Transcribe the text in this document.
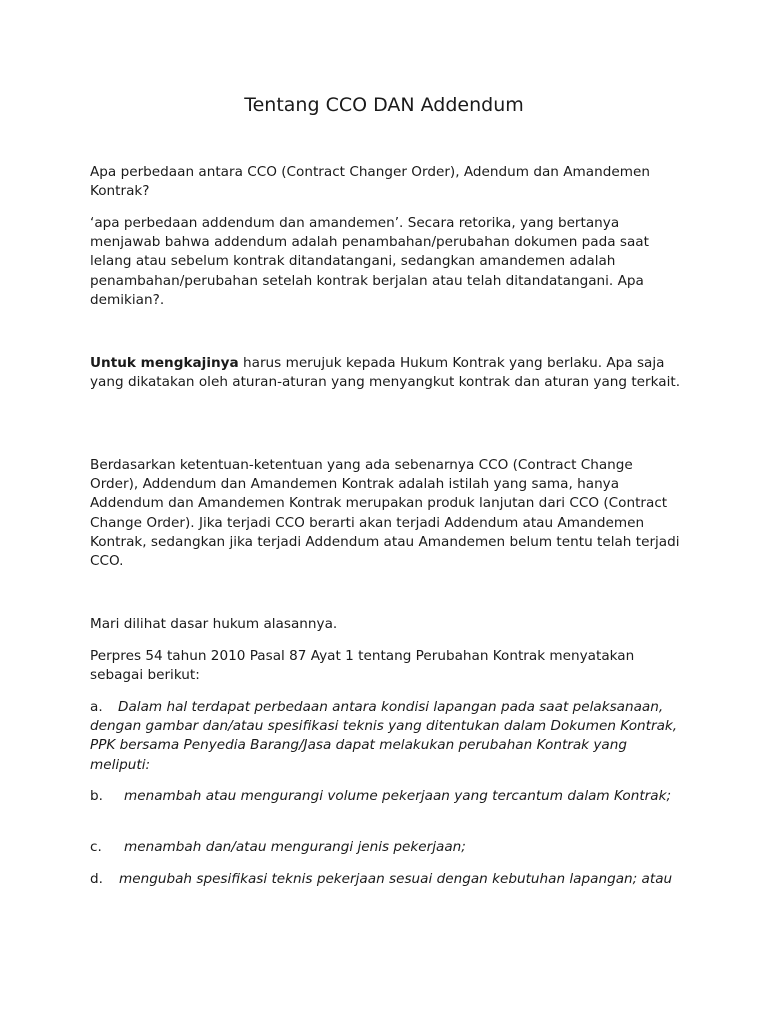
Tentang CCO DAN Addendum

Apa perbedaan antara CCO (Contract Changer Order), Adendum dan Amandemen Kontrak?

‘apa perbedaan addendum dan amandemen’. Secara retorika, yang bertanya menjawab bahwa addendum adalah penambahan/perubahan dokumen pada saat lelang atau sebelum kontrak ditandatangani, sedangkan amandemen adalah penambahan/perubahan setelah kontrak berjalan atau telah ditandatangani. Apa demikian?.

Untuk mengkajinya harus merujuk kepada Hukum Kontrak yang berlaku. Apa saja yang dikatakan oleh aturan-aturan yang menyangkut kontrak dan aturan yang terkait.

Berdasarkan ketentuan-ketentuan yang ada sebenarnya CCO (Contract Change Order), Addendum dan Amandemen Kontrak adalah istilah yang sama, hanya Addendum dan Amandemen Kontrak merupakan produk lanjutan dari CCO (Contract Change Order). Jika terjadi CCO berarti akan terjadi Addendum atau Amandemen Kontrak, sedangkan jika terjadi Addendum atau Amandemen belum tentu telah terjadi CCO.

Mari dilihat dasar hukum alasannya.

Perpres 54 tahun 2010 Pasal 87 Ayat 1 tentang Perubahan Kontrak menyatakan sebagai berikut:

a. Dalam hal terdapat perbedaan antara kondisi lapangan pada saat pelaksanaan, dengan gambar dan/atau spesifikasi teknis yang ditentukan dalam Dokumen Kontrak, PPK bersama Penyedia Barang/Jasa dapat melakukan perubahan Kontrak yang meliputi:

b. menambah atau mengurangi volume pekerjaan yang tercantum dalam Kontrak;

c. menambah dan/atau mengurangi jenis pekerjaan;

d. mengubah spesifikasi teknis pekerjaan sesuai dengan kebutuhan lapangan; atau
